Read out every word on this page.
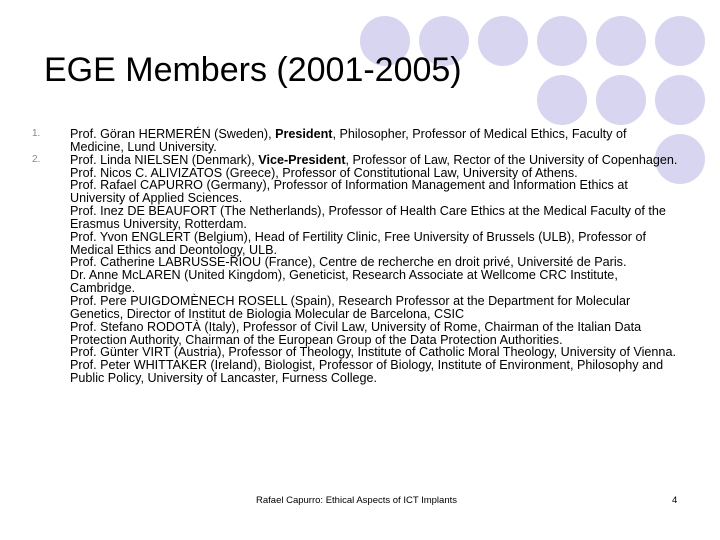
EGE Members (2001-2005)
1. Prof. Göran HERMERÉN (Sweden), President, Philosopher, Professor of Medical Ethics, Faculty of Medicine, Lund University.
2. Prof. Linda NIELSEN (Denmark), Vice-President, Professor of Law, Rector of the University of Copenhagen.
Prof. Nicos C. ALIVIZATOS (Greece), Professor of Constitutional Law, University of Athens.
Prof. Rafael CAPURRO (Germany), Professor of Information Management and Information Ethics at University of Applied Sciences.
Prof. Inez DE BEAUFORT (The Netherlands), Professor of Health Care Ethics at the Medical Faculty of the Erasmus University, Rotterdam.
Prof. Yvon ENGLERT (Belgium), Head of Fertility Clinic, Free University of Brussels (ULB), Professor of Medical Ethics and Deontology, ULB.
Prof. Catherine LABRUSSE-RIOU (France), Centre de recherche en droit privé, Université de Paris.
Dr. Anne McLAREN (United Kingdom), Geneticist, Research Associate at Wellcome CRC Institute, Cambridge.
Prof. Pere PUIGDOMÈNECH ROSELL (Spain), Research Professor at the Department for Molecular Genetics, Director of Institut de Biologia Molecular de Barcelona, CSIC
Prof. Stefano RODOTÀ (Italy), Professor of Civil Law, University of Rome, Chairman of the Italian Data Protection Authority, Chairman of the European Group of the Data Protection Authorities.
Prof. Günter VIRT (Austria), Professor of Theology, Institute of Catholic Moral Theology, University of Vienna.
Prof. Peter WHITTAKER (Ireland), Biologist, Professor of Biology, Institute of Environment, Philosophy and Public Policy, University of Lancaster, Furness College.
Rafael Capurro: Ethical Aspects of ICT Implants	4
